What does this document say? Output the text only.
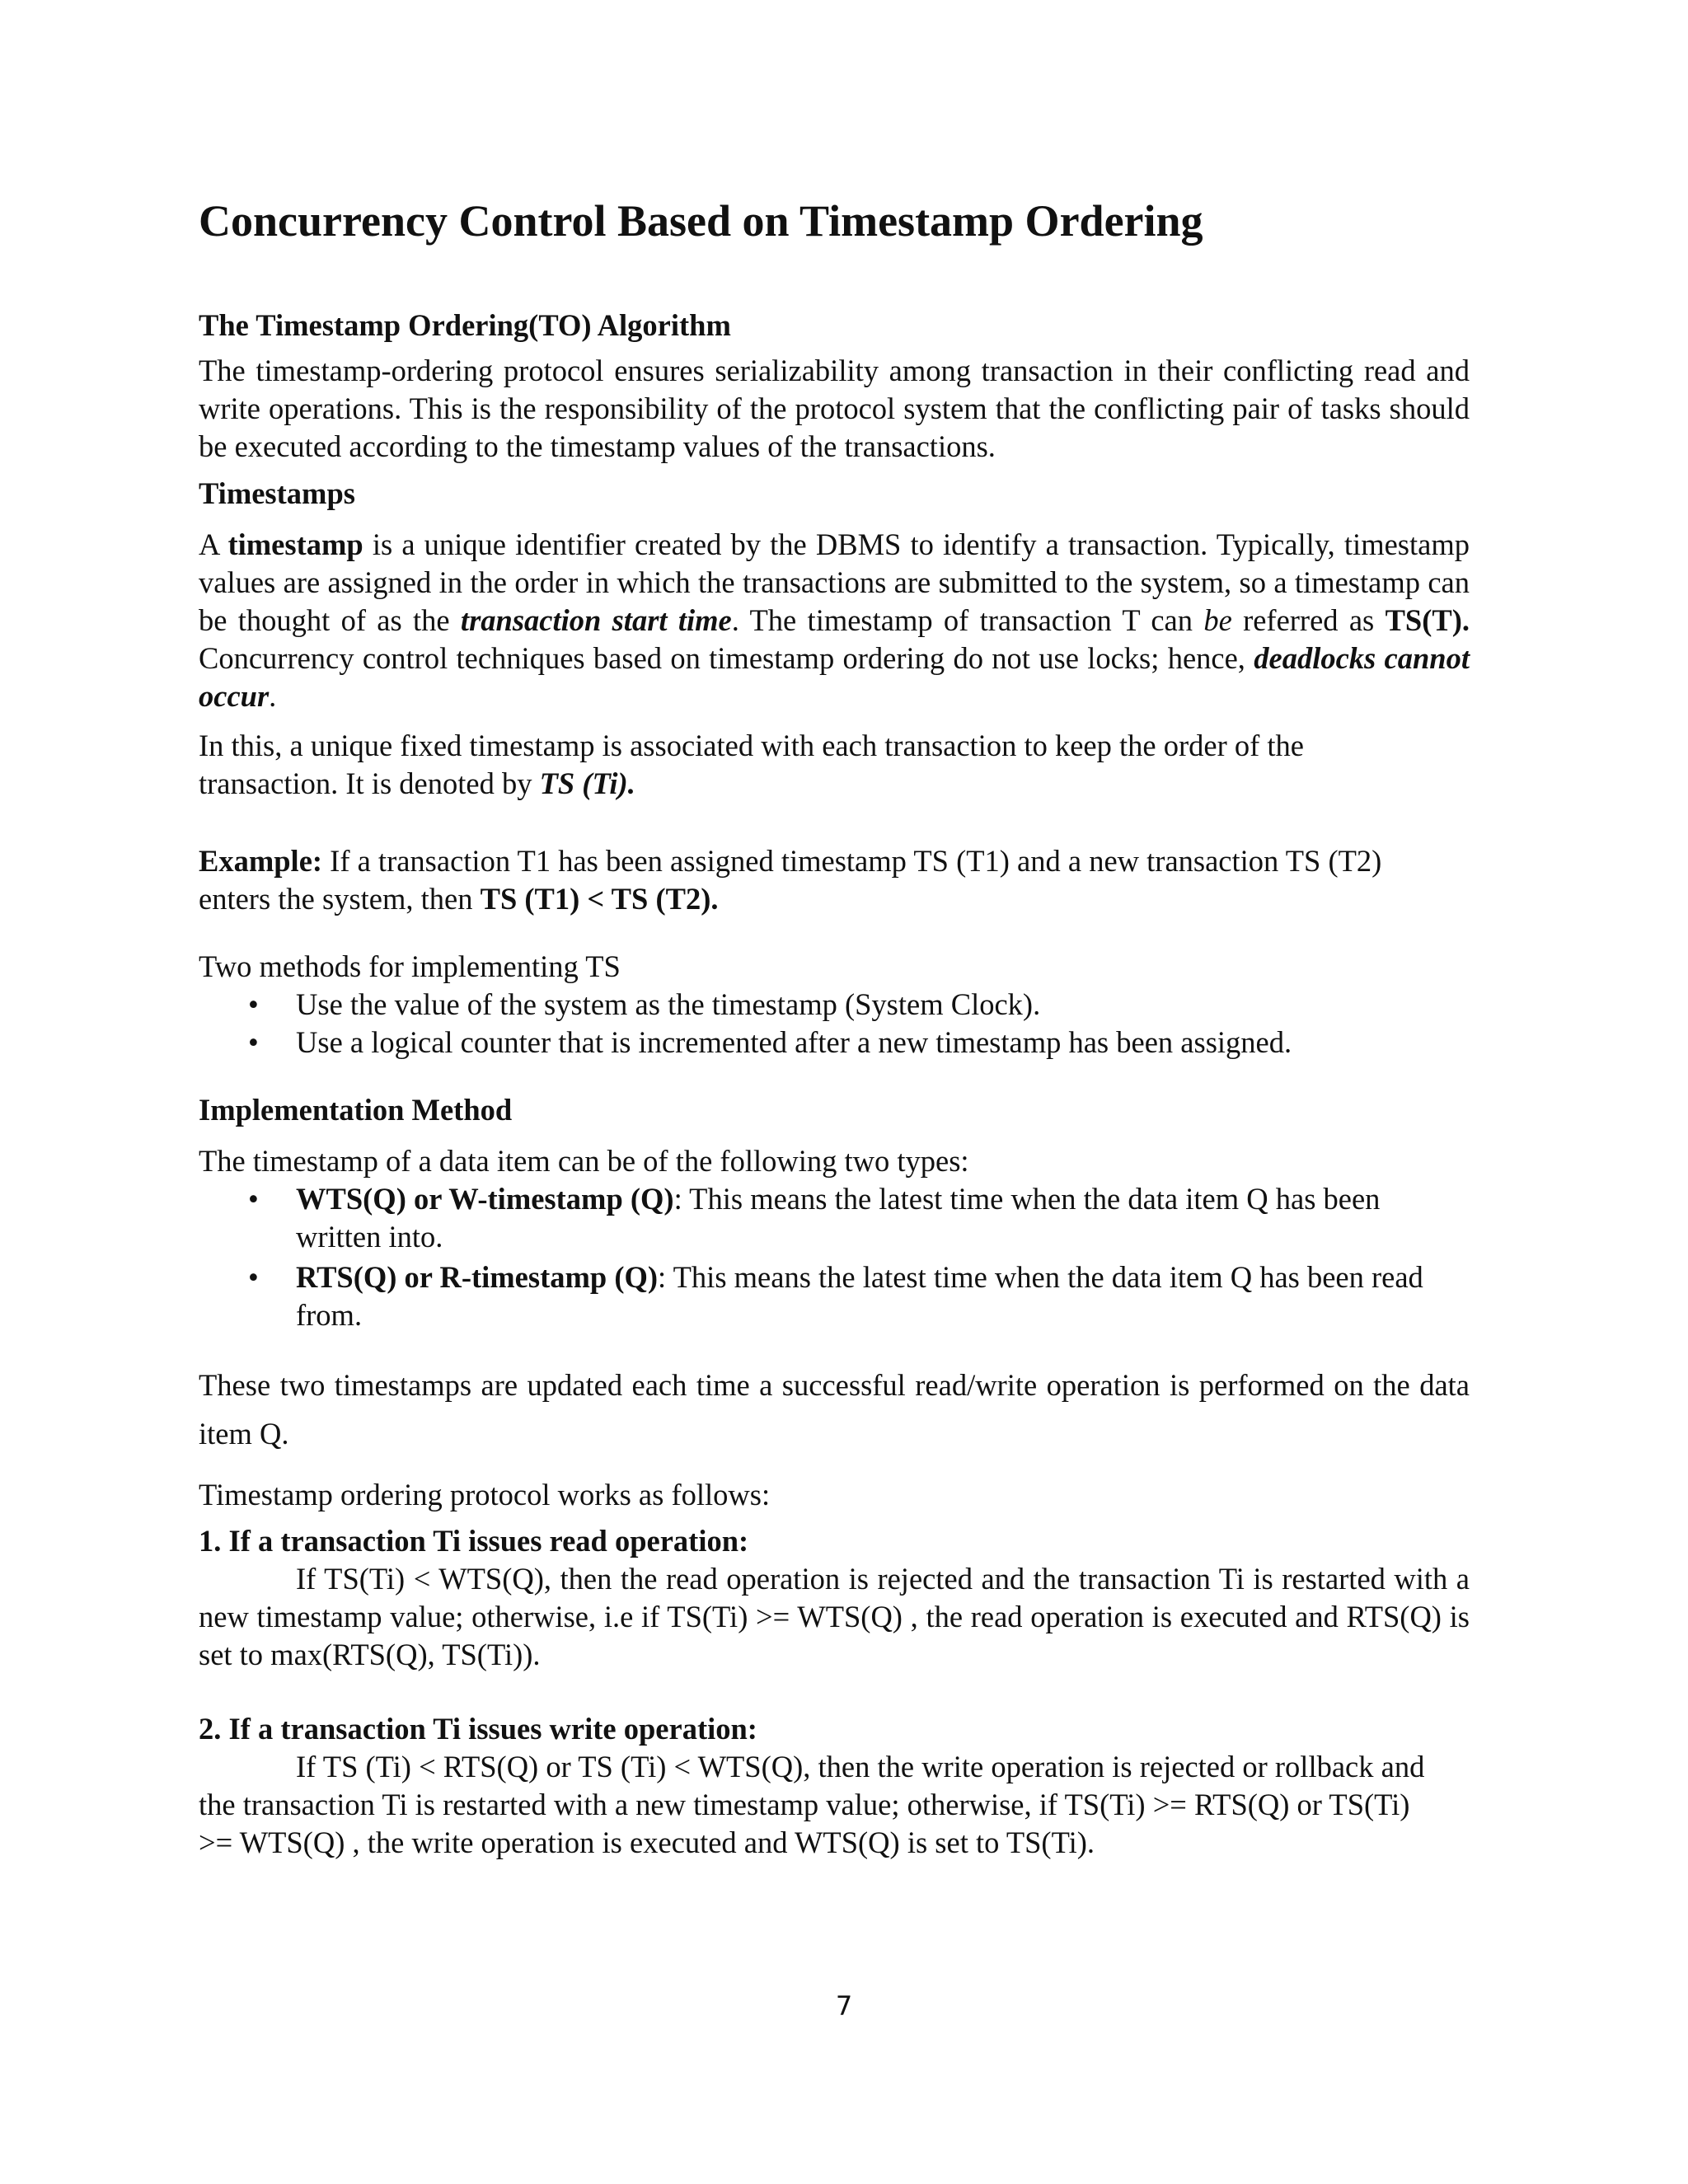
Concurrency Control Based on Timestamp Ordering

The Timestamp Ordering(TO) Algorithm

The timestamp-ordering protocol ensures serializability among transaction in their conflicting read and write operations. This is the responsibility of the protocol system that the conflicting pair of tasks should be executed according to the timestamp values of the transactions.

Timestamps

A timestamp is a unique identifier created by the DBMS to identify a transaction. Typically, timestamp values are assigned in the order in which the transactions are submitted to the system, so a timestamp can be thought of as the transaction start time. The timestamp of transaction T can be referred as TS(T). Concurrency control techniques based on timestamp ordering do not use locks; hence, deadlocks cannot occur.

In this, a unique fixed timestamp is associated with each transaction to keep the order of the transaction. It is denoted by TS (Ti).

Example: If a transaction T1 has been assigned timestamp TS (T1) and a new transaction TS (T2) enters the system, then TS (T1) < TS (T2).

Two methods for implementing TS

• Use the value of the system as the timestamp (System Clock).
• Use a logical counter that is incremented after a new timestamp has been assigned.

Implementation Method

The timestamp of a data item can be of the following two types:

• WTS(Q) or W-timestamp (Q): This means the latest time when the data item Q has been written into.
• RTS(Q) or R-timestamp (Q): This means the latest time when the data item Q has been read from.

These two timestamps are updated each time a successful read/write operation is performed on the data item Q.

Timestamp ordering protocol works as follows:

1. If a transaction Ti issues read operation:

If TS(Ti) < WTS(Q), then the read operation is rejected and the transaction Ti is restarted with a new timestamp value; otherwise, i.e if TS(Ti) >= WTS(Q) , the read operation is executed and RTS(Q) is set to max(RTS(Q), TS(Ti)).

2. If a transaction Ti issues write operation:

If TS (Ti) < RTS(Q) or TS (Ti) < WTS(Q), then the write operation is rejected or rollback and the transaction Ti is restarted with a new timestamp value; otherwise, if TS(Ti) >= RTS(Q) or TS(Ti) >= WTS(Q) , the write operation is executed and WTS(Q) is set to TS(Ti).

7
